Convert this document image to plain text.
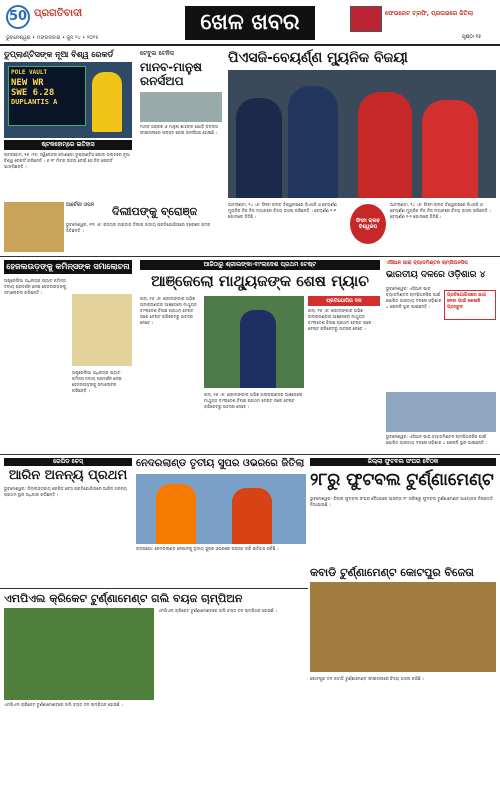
50 ପ୍ରଗତିବାଦୀ
ଭୁବନେଶ୍ୱର • ମଙ୍ଗଳବାର • ଜୁନ ୨୪ • ୨୦୨୫
ଖେଳ ଖବର	ଫେଭରେଟ ଟ୍ରଫି, ପ୍ରତାଭରେ ଜିତିଲା
ପୃଷ୍ଠା ୧୫
ଡୁପ୍ଲାଣ୍ଟିସଙ୍କ ନୂଆ ବିଶ୍ୱ ରେକର୍ଡ
POLE VAULT
NEW WR
SWE 6.28
DUPLANTIS A
ଷ୍ଟକହୋମ୍‌ରେ ଇତିହାସ
ଷ୍ଟକହୋମ, ୧୬ ।୧୫: ସ୍ୱିଡେନର ମୋଣ୍ଡୋ ଡୁପ୍ଲାଣ୍ଟିସ ପୋଲ ଭଲ୍ଟରେ ନୂଆ ବିଶ୍ୱ ରେକର୍ଡ କରିଛନ୍ତି । ୬.୨୮ ମିଟର ଉଚ୍ଚତା ଡେଇଁ ସେ ନିଜ ରେକର୍ଡ ଭାଙ୍ଗିଛନ୍ତି ।
ଟେବୁଲ ଟେନିସ
ମାନବ-ମାନୁଷ ରନର୍ସଅପ
ମାନବ ଠକ୍କର ଓ ମାନୁଷ ଶାହଙ୍କ ଯୋଡ଼ି ଡବଲ୍ସ ଫାଇନାଲରେ ପରାସ୍ତ ହୋଇ ରନର୍ସଅପ ହୋଇଛି ।
ପିଏସଜି-ବେୟର୍ଣ୍ଣ ମ୍ୟୁନିକ ବିଜୟୀ
ଆର୍ଚେରୀ ଓପନ	ଦିଲୀପଙ୍କୁ ବ୍ରୋଞ୍ଜ
ଭୁବନେଶ୍ୱର, ୨୩ ।୬: ରାଜ୍ୟର ତୀରନ୍ଦାଜ ଦିଲୀପ ଜାତୀୟ ପ୍ରତିଯୋଗିତାରେ ବ୍ରୋଞ୍ଜ ପଦକ ଜିତିଛନ୍ତି ।
ଆଟଲାଣ୍ଟା, ୨୪ ।୬: ଫିଫା କ୍ଲବ ବିଶ୍ୱକପରେ ପିଏସଜି ଓ ବେୟର୍ଣ୍ଣ ମ୍ୟୁନିକ ନିଜ ନିଜ ମ୍ୟାଚରେ ବିଜୟ ହାସଲ କରିଛନ୍ତି । ବେୟର୍ଣ୍ଣ ୨-୧ ଗୋଲରେ ଜିତିଛି ।
ଫିଫା କ୍ଲବ ବିଶ୍ୱକପ
ଆଟଲାଣ୍ଟା, ୨୪ ।୬: ଫିଫା କ୍ଲବ ବିଶ୍ୱକପରେ ପିଏସଜି ଓ ବେୟର୍ଣ୍ଣ ମ୍ୟୁନିକ ନିଜ ନିଜ ମ୍ୟାଚରେ ବିଜୟ ହାସଲ କରିଛନ୍ତି । ବେୟର୍ଣ୍ଣ ୨-୧ ଗୋଲରେ ଜିତିଛି ।
ହେଜଲଉଡ଼ଙ୍କୁ କମିନ୍‌ସଙ୍କ ସମାଲୋଚନା
ଅଷ୍ଟ୍ରେଲିଆ ଅଧିନାୟକ ପ୍ୟାଟ କମିନ୍‌ସ ଦଳୀୟ ପ୍ରଦର୍ଶନ ନେଇ ହେଜଲଉଡ଼ଙ୍କୁ ସମାଲୋଚନା କରିଛନ୍ତି ।
ଅଷ୍ଟ୍ରେଲିଆ ଅଧିନାୟକ ପ୍ୟାଟ କମିନ୍‌ସ ଦଳୀୟ ପ୍ରଦର୍ଶନ ନେଇ ହେଜଲଉଡ଼ଙ୍କୁ ସମାଲୋଚନା କରିଛନ୍ତି ।
ଆଜିଠାରୁ ଶ୍ରୀଲଙ୍କା-ବାଂଲାଦେଶ ପ୍ରଥମ ଟେଷ୍ଟ
ଆଞ୍ଜେଲୋ ମାଥ୍ୟୁଜଙ୍କ ଶେଷ ମ୍ୟାଚ
ଗଲ୍, ୧୬ ।୬: ଶ୍ରୀଲଙ୍କାର ଅଭିଜ୍ଞ ଅଲରାଉଣ୍ଡର ଆଞ୍ଜେଲୋ ମାଥ୍ୟୁଜ ବାଂଲାଦେଶ ବିପକ୍ଷ ପ୍ରଥମ ଟେଷ୍ଟ ପରେ ଟେଷ୍ଟ କ୍ରିକେଟରୁ ଅବସର ନେବେ ।
ଗଲ୍, ୧୬ ।୬: ଶ୍ରୀଲଙ୍କାର ଅଭିଜ୍ଞ ଅଲରାଉଣ୍ଡର ଆଞ୍ଜେଲୋ ମାଥ୍ୟୁଜ ବାଂଲାଦେଶ ବିପକ୍ଷ ପ୍ରଥମ ଟେଷ୍ଟ ପରେ ଟେଷ୍ଟ କ୍ରିକେଟରୁ ଅବସର ନେବେ ।
ପ୍ରତିଯୋଗିତା ଦଳ
ଗଲ୍, ୧୬ ।୬: ଶ୍ରୀଲଙ୍କାର ଅଭିଜ୍ଞ ଅଲରାଉଣ୍ଡର ଆଞ୍ଜେଲୋ ମାଥ୍ୟୁଜ ବାଂଲାଦେଶ ବିପକ୍ଷ ପ୍ରଥମ ଟେଷ୍ଟ ପରେ ଟେଷ୍ଟ କ୍ରିକେଟରୁ ଅବସର ନେବେ ।
ଏସିଆନ ପାରା ବ୍ୟାଡମିଣ୍ଟନ ଚାମ୍ପିଅନସିପ
ଭାରତୀୟ ଦଳରେ ଓଡ଼ିଶାର ୪
ଭୁବନେଶ୍ୱର: ଏସିଆନ ପାରା ବ୍ୟାଡମିଣ୍ଟନ ଚାମ୍ପିଅନସିପ ପାଇଁ ଘୋଷିତ ଭାରତୀୟ ଦଳରେ ଓଡ଼ିଶାର ୪ ଖେଳାଳି ସ୍ଥାନ ପାଇଛନ୍ତି ।
ପ୍ରତିଯୋଗିତାରେ ଭାଗ ନେବା ପାଇଁ ଖେଳାଳି ପ୍ରସ୍ତୁତ
ଭୁବନେଶ୍ୱର: ଏସିଆନ ପାରା ବ୍ୟାଡମିଣ୍ଟନ ଚାମ୍ପିଅନସିପ ପାଇଁ ଘୋଷିତ ଭାରତୀୟ ଦଳରେ ଓଡ଼ିଶାର ୪ ଖେଳାଳି ସ୍ଥାନ ପାଇଛନ୍ତି ।
ରେପିଡ ଚେସ୍
ଆରିନ ଅନନ୍ୟ ପ୍ରଥମ
ଭୁବନେଶ୍ୱର: ଜିଲ୍ଲାସ୍ତରୀୟ ରେପିଡ ଚେସ ପ୍ରତିଯୋଗିତାରେ ଆରିନ ଅନନ୍ୟ ପ୍ରଥମ ସ୍ଥାନ ଅଧିକାର କରିଛନ୍ତି ।
ନେଦରଲାଣ୍ଡ ତୃତୀୟ ସୁପର ଓଭରରେ ଜିତିଲା
ଗ୍ଲାସଗୋ: ନେଦରଲାଣ୍ଡ ନେପାଳକୁ ତୃତୀୟ ସୁପର ଓଭରରେ ପରାସ୍ତ କରି ଇତିହାସ ରଚିଛି ।
ଜିଲ୍ଲା ଫୁଟବଲ ସଂଘର ବୈଠକ
୨୮ରୁ ଫୁଟବଲ ଟୁର୍ଣ୍ଣାମେଣ୍ଟ
ଭୁବନେଶ୍ୱର: ଜିଲ୍ଲା ଫୁଟବଲ ସଂଘର ବୈଠକରେ ଆସନ୍ତା ୨୮ ତାରିଖରୁ ଫୁଟବଲ ଟୁର୍ଣ୍ଣାମେଣ୍ଟ ଆୟୋଜନ ନିଷ୍ପତ୍ତି ନିଆଯାଇଛି ।
କବାଡି ଟୁର୍ଣ୍ଣାମେଣ୍ଟ କୋଟପୁର ବିଜେତା
ଏମପିଏଲ କ୍ରିକେଟ ଟୁର୍ଣ୍ଣାମେଣ୍ଟ ଗଲି ବୟଜ ଚାମ୍ପିଅନ
ଏମପିଏଲ କ୍ରିକେଟ ଟୁର୍ଣ୍ଣାମେଣ୍ଟରେ ଗଲି ବୟଜ ଦଳ ଚାମ୍ପିଅନ ହୋଇଛି ।
ଏମପିଏଲ କ୍ରିକେଟ ଟୁର୍ଣ୍ଣାମେଣ୍ଟରେ ଗଲି ବୟଜ ଦଳ ଚାମ୍ପିଅନ ହୋଇଛି ।
କୋଟପୁର ଦଳ କବାଡି ଟୁର୍ଣ୍ଣାମେଣ୍ଟ ଫାଇନାଲରେ ବିଜୟ ହାସଲ କରିଛି ।
